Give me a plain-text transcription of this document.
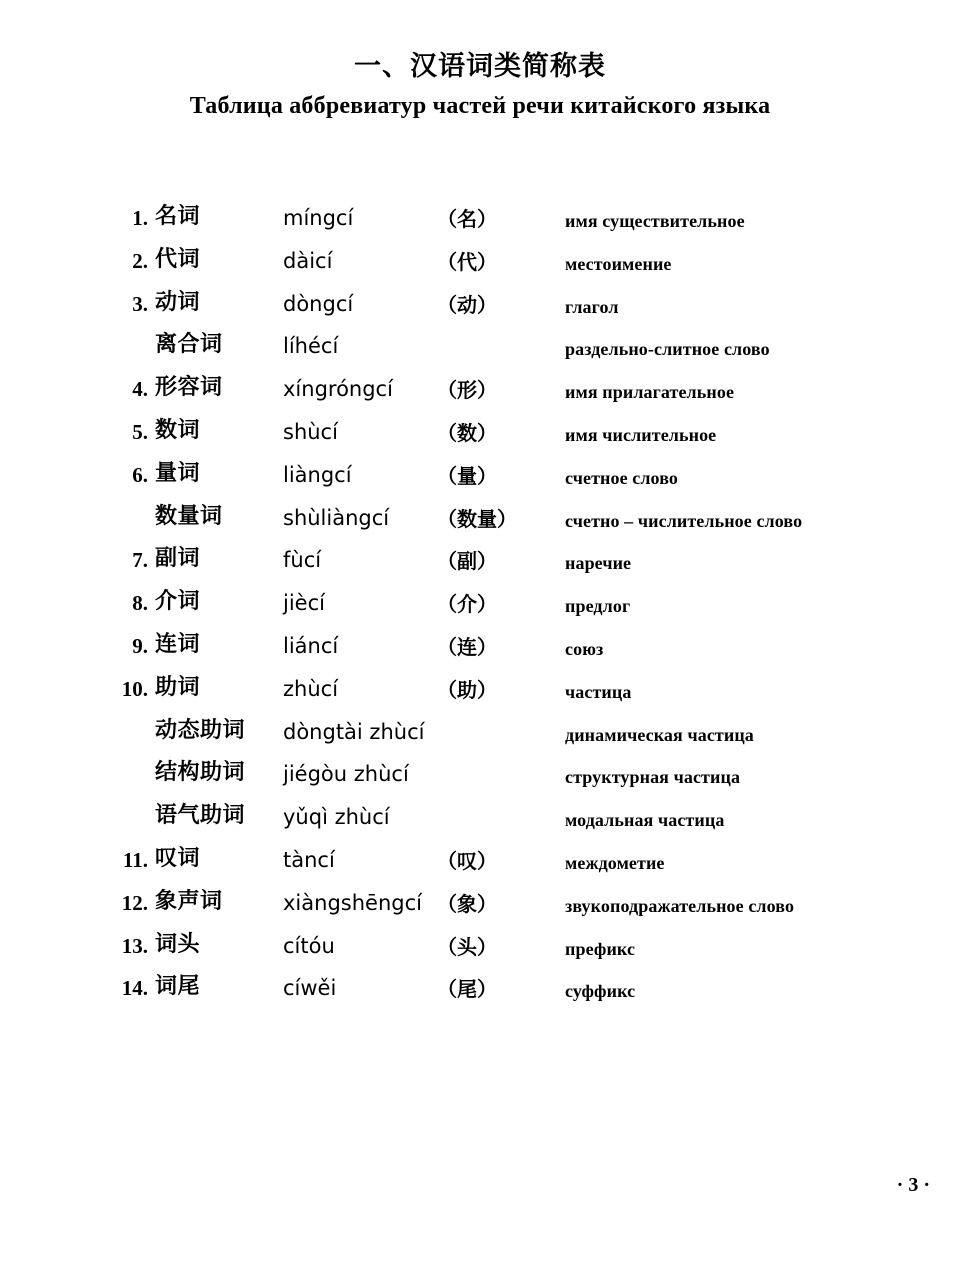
一、汉语词类简称表
Таблица аббревиатур частей речи китайского языка
1. 名词	míngcí	（名）	имя существительное
2. 代词	dàicí	（代）	местоимение
3. 动词	dòngcí	（动）	глагол
离合词	líhécí	раздельно-слитное слово
4. 形容词	xíngróngcí （形）	имя прилагательное
5. 数词	shùcí	（数）	имя числительное
6. 量词	liàngcí	（量）	счетное слово
数量词	shùliàngcí （数量）	счетно – числительное слово
7. 副词	fùcí	（副）	наречие
8. 介词	jiècí	（介）	предлог
9. 连词	liáncí	（连）	союз
10. 助词	zhùcí	（助）	частица
动态助词 dòngtài zhùcí	динамическая частица
结构助词 jiégòu zhùcí	структурная частица
语气助词 yǔqì zhùcí	модальная частица
11. 叹词	tàncí	（叹）	междометие
12. 象声词	xiàngshēngcí （象）	звукоподражательное слово
13. 词头	cítóu	（头）	префикс
14. 词尾	cíwěi	（尾）	суффикс
· 3 ·
